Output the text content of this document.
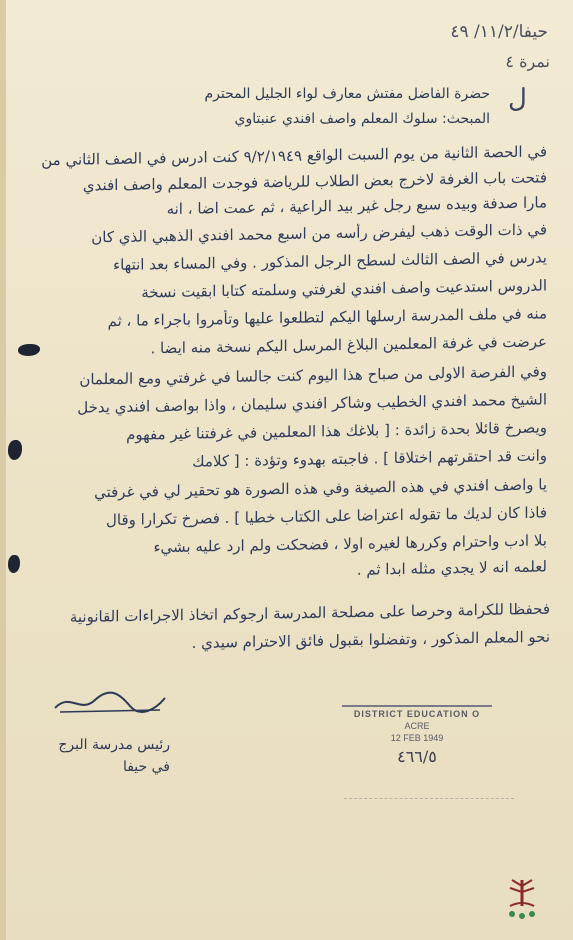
حيفا/١١/٢/ ٤٩
نمرة ٤
ل
حضرة الفاضل مفتش معارف لواء الجليل المحترم
المبحث: سلوك المعلم واصف افندي عنبتاوي
في الحصة الثانية من يوم السبت الواقع ٩/٢/١٩٤٩ كنت ادرس في الصف الثاني من
فتحت باب الغرفة لاخرج بعض الطلاب للرياضة فوجدت المعلم واصف افندي
مارا صدفة وبيده سبع رجل غير بيد الراعية ، ثم عمت اضا ، انه
في ذات الوقت ذهب ليفرض رأسه من اسبع محمد افندي الذهبي الذي كان
يدرس في الصف الثالث لسطح الرجل المذكور . وفي المساء بعد انتهاء
الدروس استدعيت واصف افندي لغرفتي وسلمته كتابا ابقيت نسخة
منه في ملف المدرسة ارسلها اليكم لتطلعوا عليها وتأمروا باجراء ما ، ثم
عرضت في غرفة المعلمين البلاغ المرسل اليكم نسخة منه ايضا .
وفي الفرصة الاولى من صباح هذا اليوم كنت جالسا في غرفتي ومع المعلمان
الشيخ محمد افندي الخطيب وشاكر افندي سليمان ، واذا بواصف افندي يدخل
ويصرخ قائلا بحدة زائدة : [ بلاغك هذا المعلمين في غرفتنا غير مفهوم
وانت قد احتقرتهم اختلاقا ] . فاجبته بهدوء وتؤدة : [ كلامك
يا واصف افندي في هذه الصيغة وفي هذه الصورة هو تحقير لي في غرفتي
فاذا كان لديك ما تقوله اعتراضا على الكتاب خطيا ] . فصرخ تكرارا وقال
بلا ادب واحترام وكررها لغيره اولا ، فضحكت ولم ارد عليه بشيء
لعلمه انه لا يجدي مثله ابدا ثم .
فحفظا للكرامة وحرصا على مصلحة المدرسة ارجوكم اتخاذ الاجراءات القانونية
نحو المعلم المذكور ، وتفضلوا بقبول فائق الاحترام سيدي .
رئيس مدرسة البرج
في حيفا
DISTRICT EDUCATION O
ACRE
12 FEB 1949
٤٦٦/٥
